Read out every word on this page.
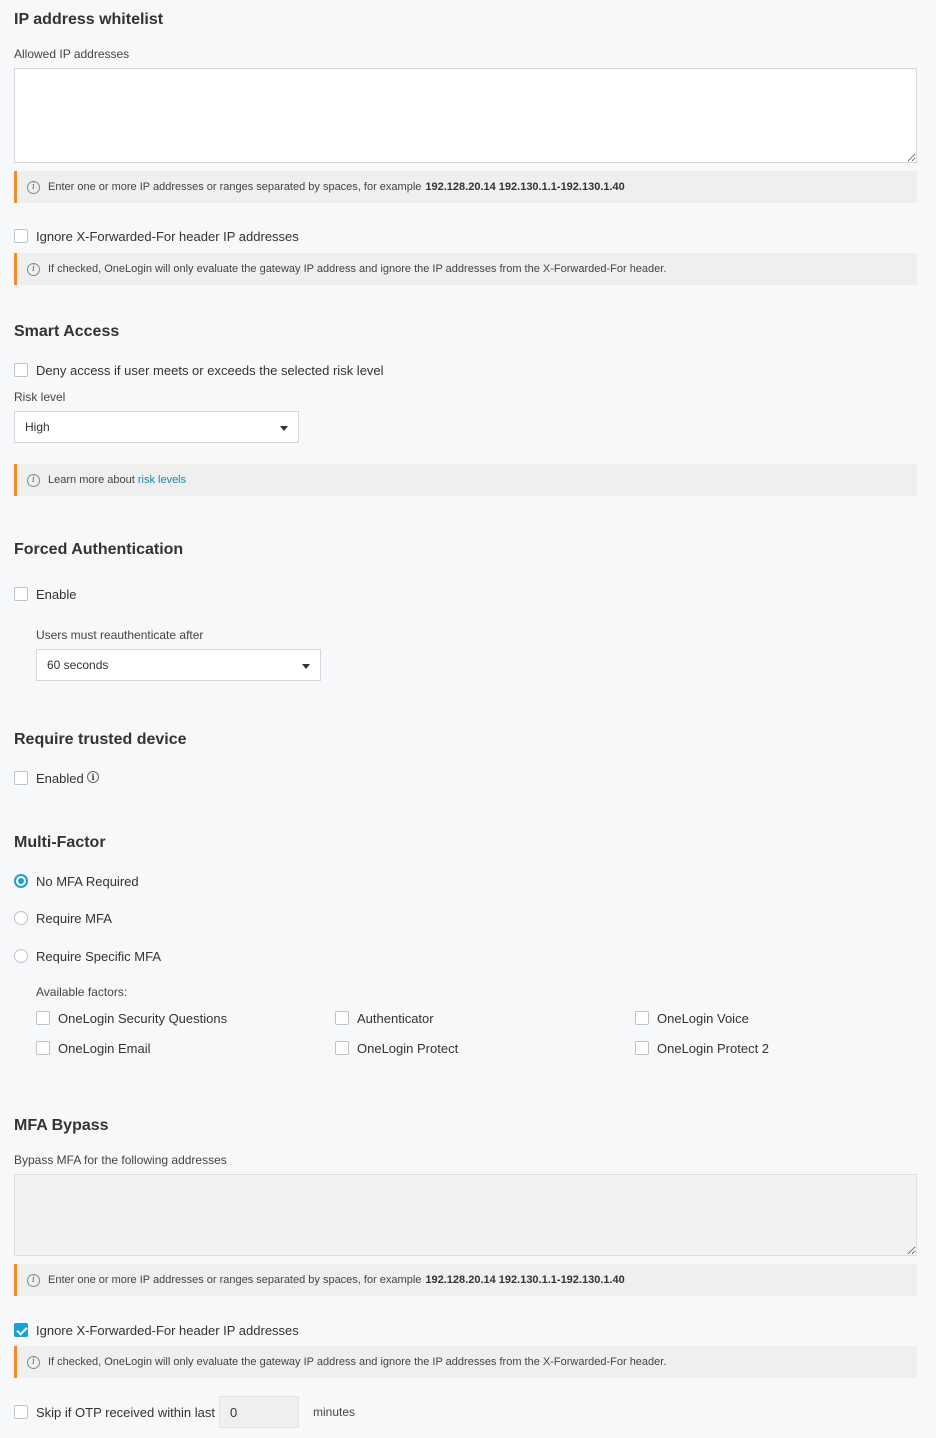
IP address whitelist
Allowed IP addresses
i	Enter one or more IP addresses or ranges separated by spaces, for example 192.128.20.14 192.130.1.1-192.130.1.40
Ignore X-Forwarded-For header IP addresses
i	If checked, OneLogin will only evaluate the gateway IP address and ignore the IP addresses from the X-Forwarded-For header.
Smart Access
Deny access if user meets or exceeds the selected risk level
Risk level
High
i	Learn more about risk levels
Forced Authentication
Enable
Users must reauthenticate after
60 seconds
Require trusted device
Enabled i
Multi-Factor
No MFA Required
Require MFA
Require Specific MFA
Available factors:
OneLogin Security Questions	Authenticator	OneLogin Voice
OneLogin Email	OneLogin Protect	OneLogin Protect 2
MFA Bypass
Bypass MFA for the following addresses
i	Enter one or more IP addresses or ranges separated by spaces, for example 192.128.20.14 192.130.1.1-192.130.1.40
Ignore X-Forwarded-For header IP addresses
i	If checked, OneLogin will only evaluate the gateway IP address and ignore the IP addresses from the X-Forwarded-For header.
Skip if OTP received within last 0	minutes
